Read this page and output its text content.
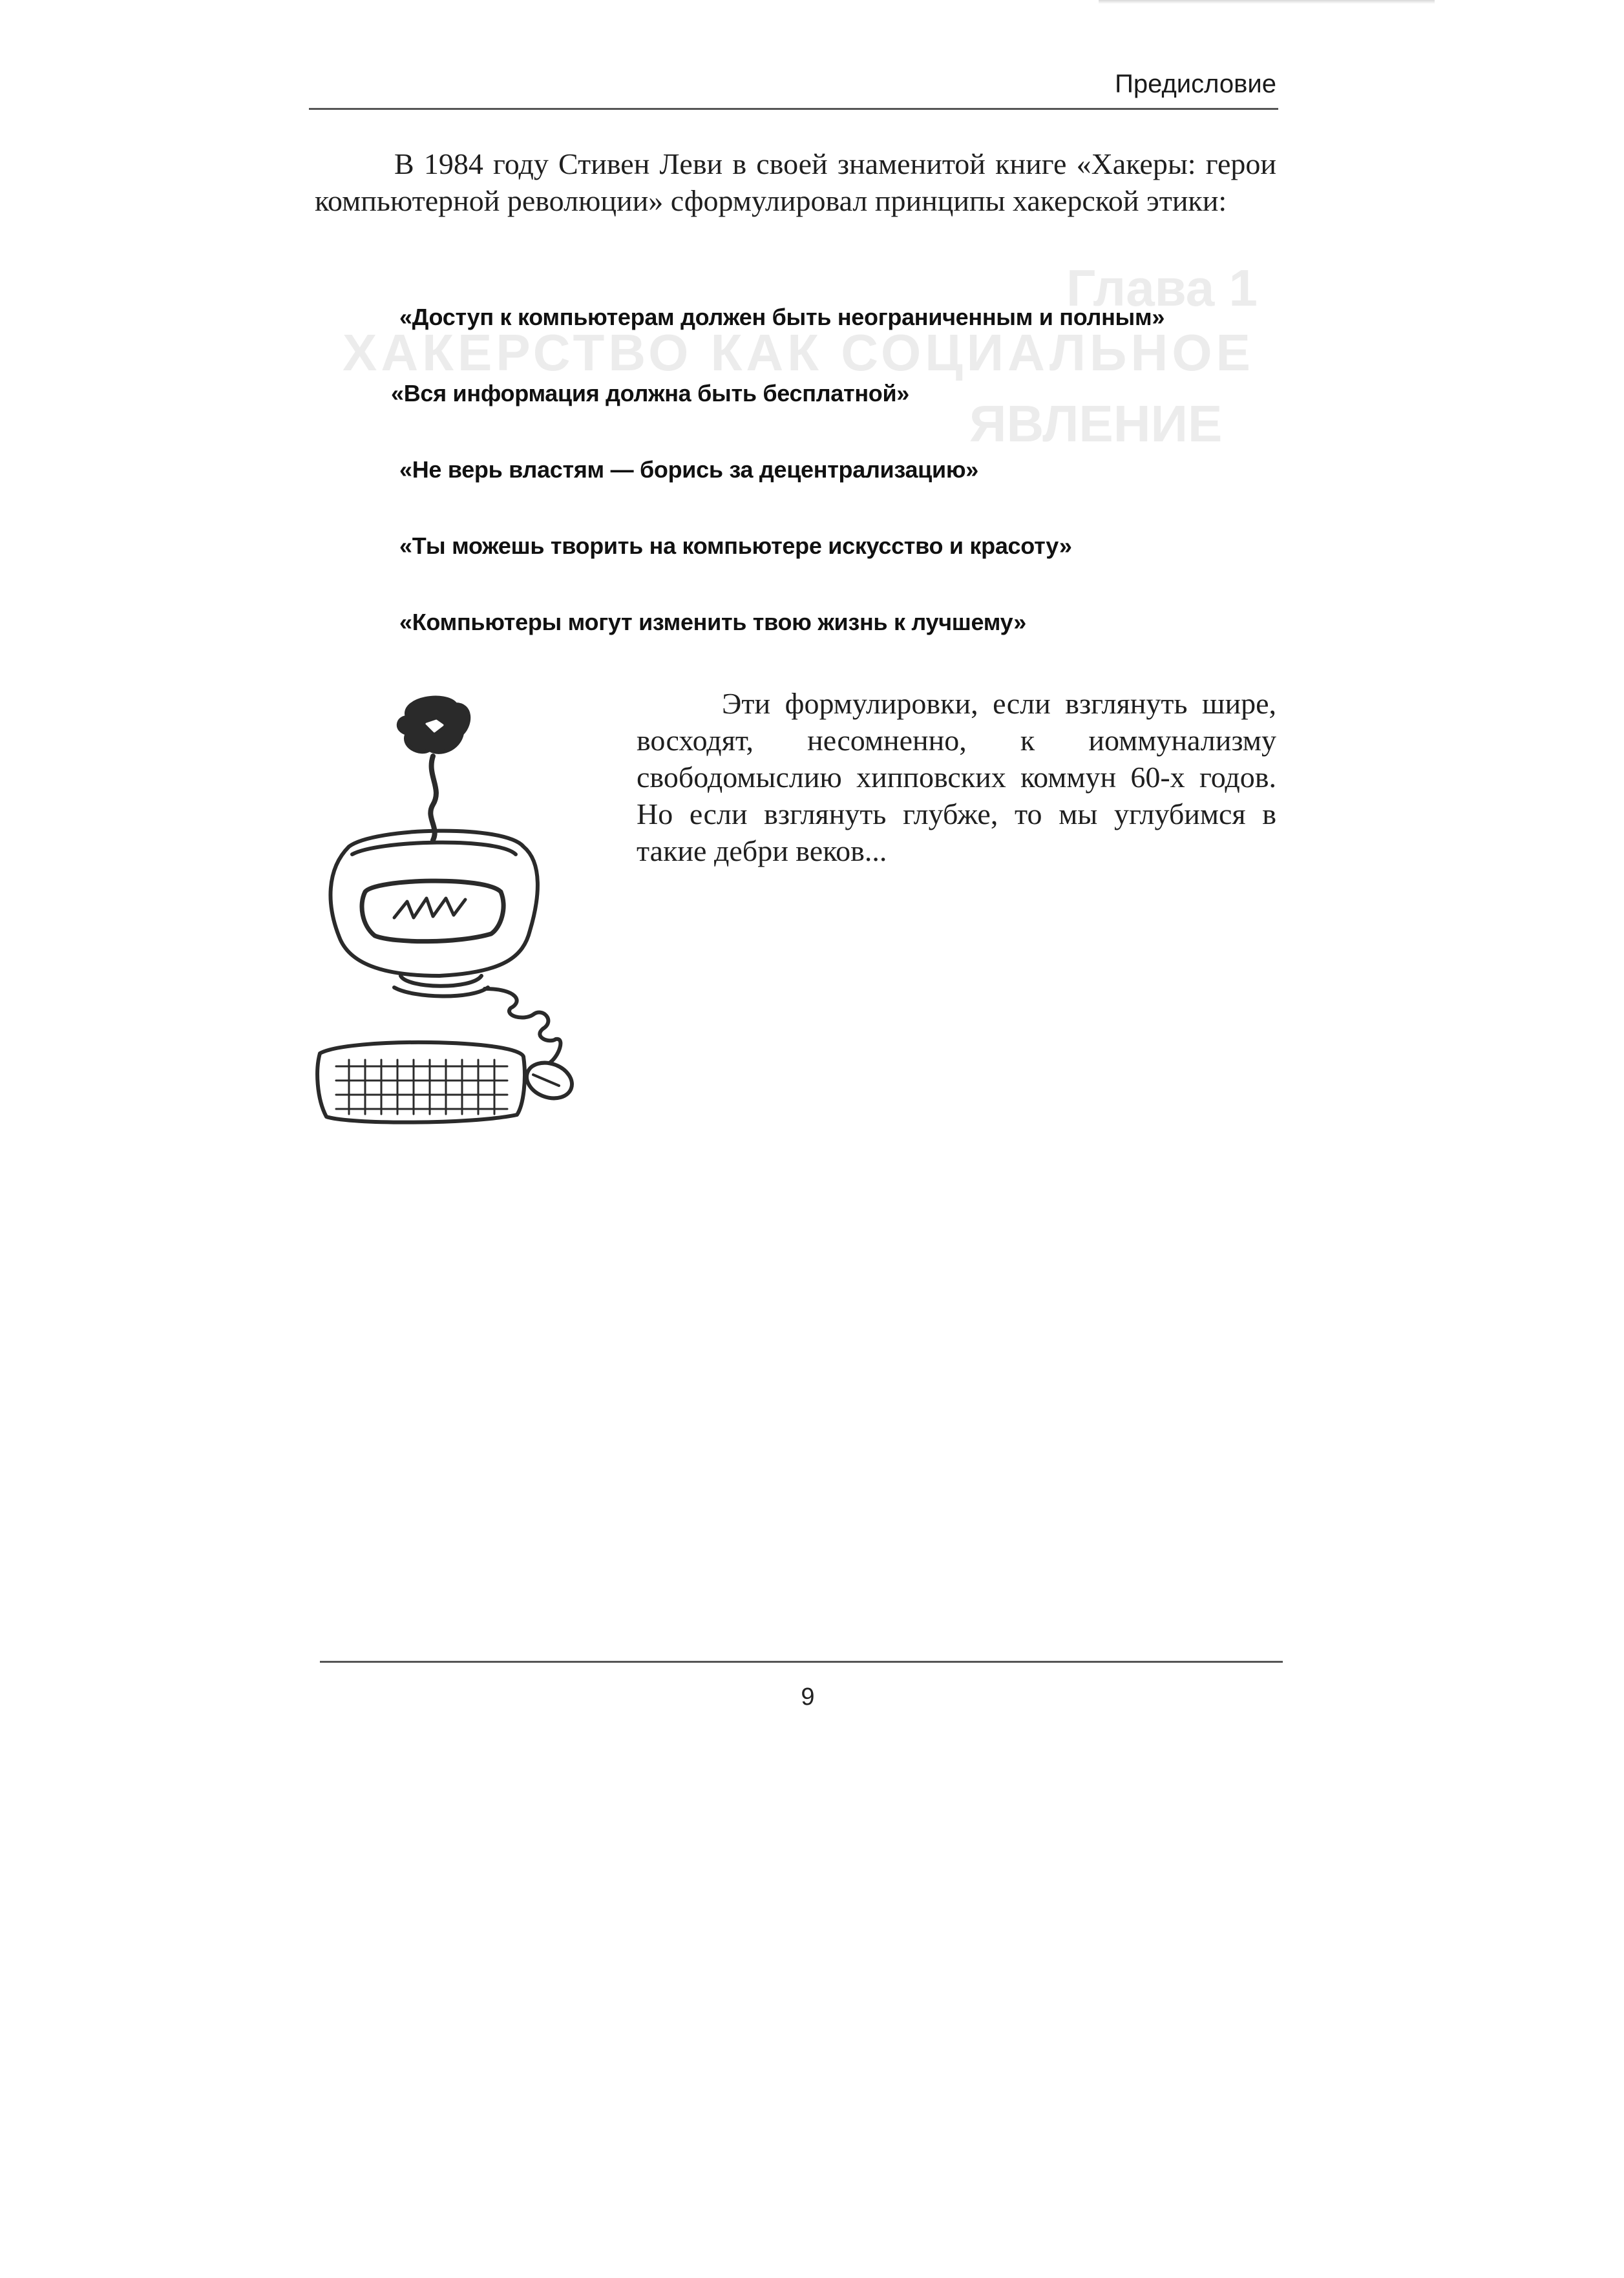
Глава 1
ХАКЕРСТВО КАК СОЦИАЛЬНОЕ
ЯВЛЕНИЕ
Предисловие

В 1984 году Стивен Леви в своей знаменитой книге «Хакеры: герои компьютерной революции» сформулировал принципы хакерской этики:

«Доступ к компьютерам должен быть неограниченным и полным»
«Вся информация должна быть бесплатной»
«Не верь властям — борись за децентрализацию»
«Ты можешь творить на компьютере искусство и красоту»
«Компьютеры могут изменить твою жизнь к лучшему»

Эти формулировки, если взглянуть шире, восходят, несомненно, к иоммунализму свободомыслию хипповских коммун 60-х годов. Но если взглянуть глубже, то мы углубимся в такие дебри веков...

9
